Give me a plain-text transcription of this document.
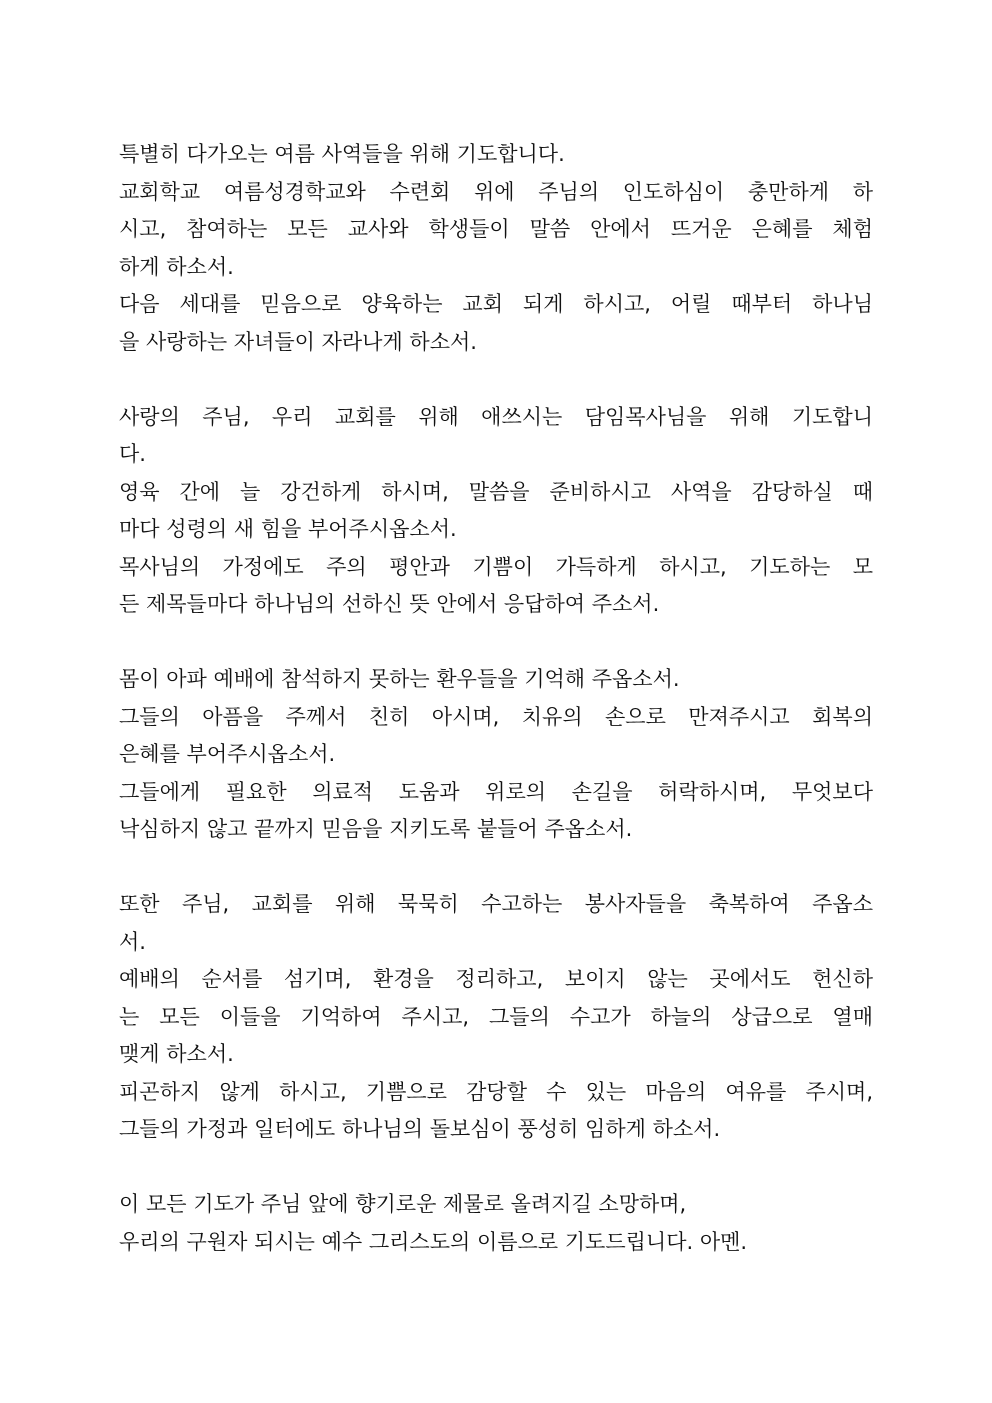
특별히 다가오는 여름 사역들을 위해 기도합니다.
교회학교 여름성경학교와 수련회 위에 주님의 인도하심이 충만하게 하
시고, 참여하는 모든 교사와 학생들이 말씀 안에서 뜨거운 은혜를 체험
하게 하소서.
다음 세대를 믿음으로 양육하는 교회 되게 하시고, 어릴 때부터 하나님
을 사랑하는 자녀들이 자라나게 하소서.
사랑의 주님, 우리 교회를 위해 애쓰시는 담임목사님을 위해 기도합니
다.
영육 간에 늘 강건하게 하시며, 말씀을 준비하시고 사역을 감당하실 때
마다 성령의 새 힘을 부어주시옵소서.
목사님의 가정에도 주의 평안과 기쁨이 가득하게 하시고, 기도하는 모
든 제목들마다 하나님의 선하신 뜻 안에서 응답하여 주소서.
몸이 아파 예배에 참석하지 못하는 환우들을 기억해 주옵소서.
그들의 아픔을 주께서 친히 아시며, 치유의 손으로 만져주시고 회복의
은혜를 부어주시옵소서.
그들에게 필요한 의료적 도움과 위로의 손길을 허락하시며, 무엇보다
낙심하지 않고 끝까지 믿음을 지키도록 붙들어 주옵소서.
또한 주님, 교회를 위해 묵묵히 수고하는 봉사자들을 축복하여 주옵소
서.
예배의 순서를 섬기며, 환경을 정리하고, 보이지 않는 곳에서도 헌신하
는 모든 이들을 기억하여 주시고, 그들의 수고가 하늘의 상급으로 열매
맺게 하소서.
피곤하지 않게 하시고, 기쁨으로 감당할 수 있는 마음의 여유를 주시며,
그들의 가정과 일터에도 하나님의 돌보심이 풍성히 임하게 하소서.
이 모든 기도가 주님 앞에 향기로운 제물로 올려지길 소망하며,
우리의 구원자 되시는 예수 그리스도의 이름으로 기도드립니다. 아멘.
